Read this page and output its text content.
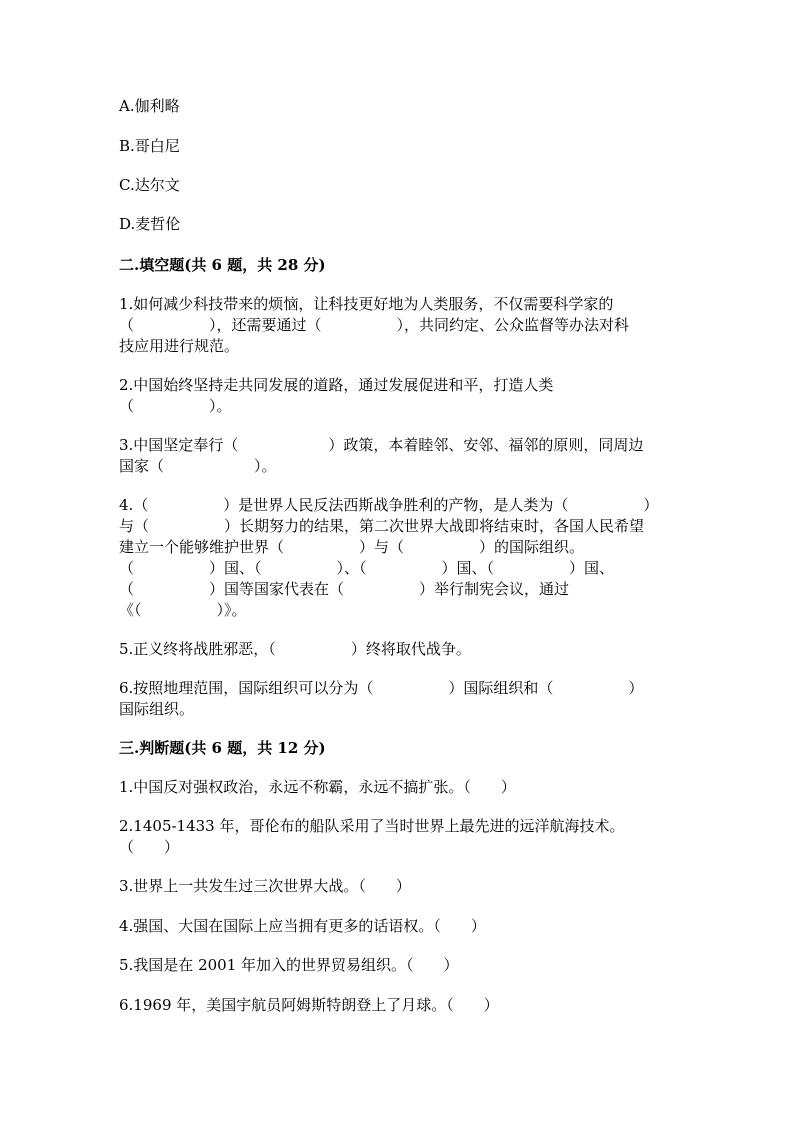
A.伽利略

B.哥白尼

C.达尔文

D.麦哲伦

二.填空题(共 6 题，共 28 分)

1.如何减少科技带来的烦恼，让科技更好地为人类服务，不仅需要科学家的

（　　　　　），还需要通过（　　　　　），共同约定、公众监督等办法对科

技应用进行规范。

2.中国始终坚持走共同发展的道路，通过发展促进和平，打造人类

（　　　　　）。

3.中国坚定奉行（　　　　　　）政策，本着睦邻、安邻、福邻的原则，同周边

国家（　　　　　　）。

4.（　　　　　）是世界人民反法西斯战争胜利的产物，是人类为（　　　　　）

与（　　　　　）长期努力的结果，第二次世界大战即将结束时，各国人民希望

建立一个能够维护世界（　　　　　）与（　　　　　）的国际组织。

（　　　　　）国、（　　　　　）、（　　　　　）国、（　　　　　）国、

（　　　　　）国等国家代表在（　　　　　）举行制宪会议，通过

《（　　　　　）》。

5.正义终将战胜邪恶，（　　　　　）终将取代战争。

6.按照地理范围，国际组织可以分为（　　　　　）国际组织和（　　　　　）

国际组织。

三.判断题(共 6 题，共 12 分)

1.中国反对强权政治，永远不称霸，永远不搞扩张。（　　）

2.1405-1433 年，哥伦布的船队采用了当时世界上最先进的远洋航海技术。

（　　）

3.世界上一共发生过三次世界大战。（　　）

4.强国、大国在国际上应当拥有更多的话语权。（　　）

5.我国是在 2001 年加入的世界贸易组织。（　　）

6.1969 年，美国宇航员阿姆斯特朗登上了月球。（　　）
